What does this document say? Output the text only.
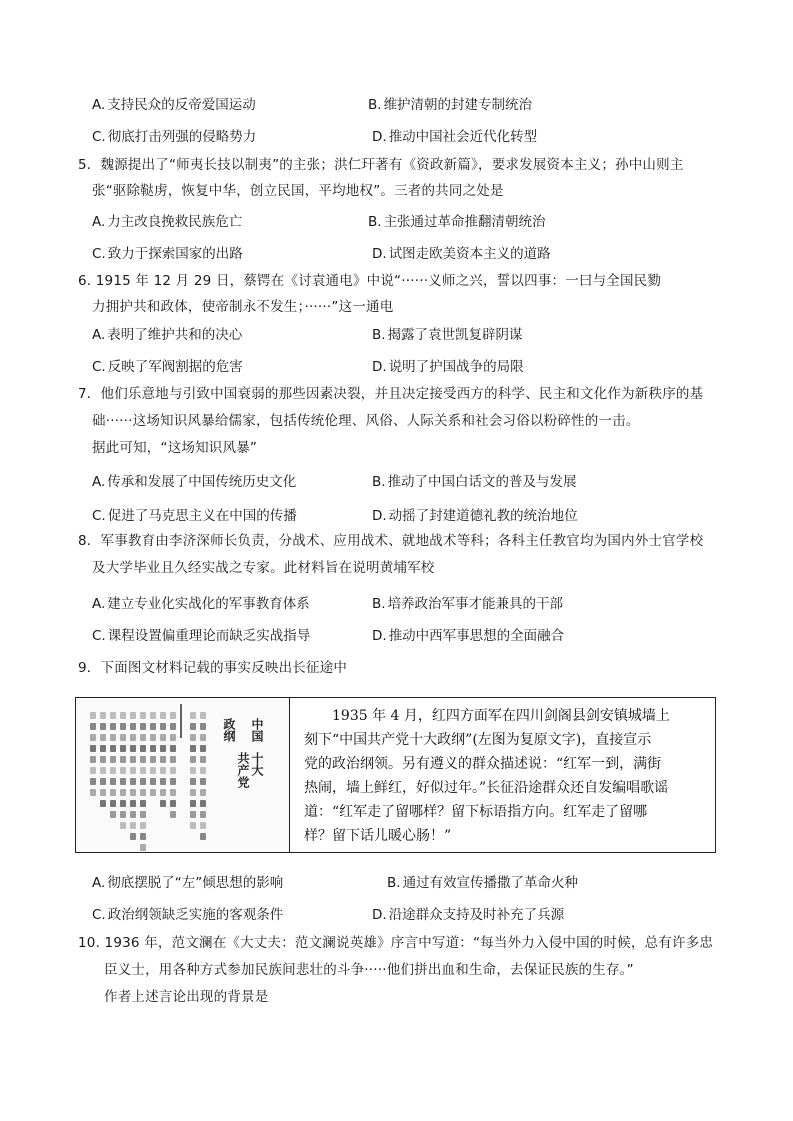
A. 支持民众的反帝爱国运动	B. 维护清朝的封建专制统治
C. 彻底打击列强的侵略势力	D. 推动中国社会近代化转型
5．魏源提出了“师夷长技以制夷”的主张；洪仁玕著有《资政新篇》，要求发展资本主义；孙中山则主
张“驱除鞑虏，恢复中华，创立民国，平均地权”。三者的共同之处是
A. 力主改良挽救民族危亡	B. 主张通过革命推翻清朝统治
C. 致力于探索国家的出路	D. 试图走欧美资本主义的道路
6. 1915 年 12 月 29 日，蔡锷在《讨袁通电》中说“······义师之兴，誓以四事：一曰与全国民勠
力拥护共和政体，使帝制永不发生；······”这一通电
A. 表明了维护共和的决心	B. 揭露了袁世凯复辟阴谋
C. 反映了军阀割据的危害	D. 说明了护国战争的局限
7．他们乐意地与引致中国衰弱的那些因素决裂，并且决定接受西方的科学、民主和文化作为新秩序的基
础······这场知识风暴给儒家，包括传统伦理、风俗、人际关系和社会习俗以粉碎性的一击。
据此可知，“这场知识风暴”
A. 传承和发展了中国传统历史文化	B. 推动了中国白话文的普及与发展
C. 促进了马克思主义在中国的传播	D. 动摇了封建道德礼教的统治地位
8．军事教育由李济深师长负责，分战术、应用战术、就地战术等科；各科主任教官均为国内外士官学校
及大学毕业且久经实战之专家。此材料旨在说明黄埔军校
A. 建立专业化实战化的军事教育体系	B. 培养政治军事才能兼具的干部
C. 课程设置偏重理论而缺乏实战指导	D. 推动中西军事思想的全面融合
9．下面图文材料记载的事实反映出长征途中
中国
共产党 十大
政纲
1935 年 4 月，红四方面军在四川剑阁县剑安镇城墙上
刻下“中国共产党十大政纲”(左图为复原文字)，直接宣示
党的政治纲领。另有遵义的群众描述说：“红军一到，满街
热闹，墙上鲜红，好似过年。”长征沿途群众还自发编唱歌谣
道：“红军走了留哪样？留下标语指方向。红军走了留哪
样？留下话儿暖心肠！”
A. 彻底摆脱了“左”倾思想的影响	B. 通过有效宣传播撒了革命火种
C. 政治纲领缺乏实施的客观条件	D. 沿途群众支持及时补充了兵源
10. 1936 年，范文澜在《大丈夫：范文澜说英雄》序言中写道：“每当外力入侵中国的时候，总有许多忠
臣义士，用各种方式参加民族间悲壮的斗争·····他们拼出血和生命，去保证民族的生存。”
作者上述言论出现的背景是
